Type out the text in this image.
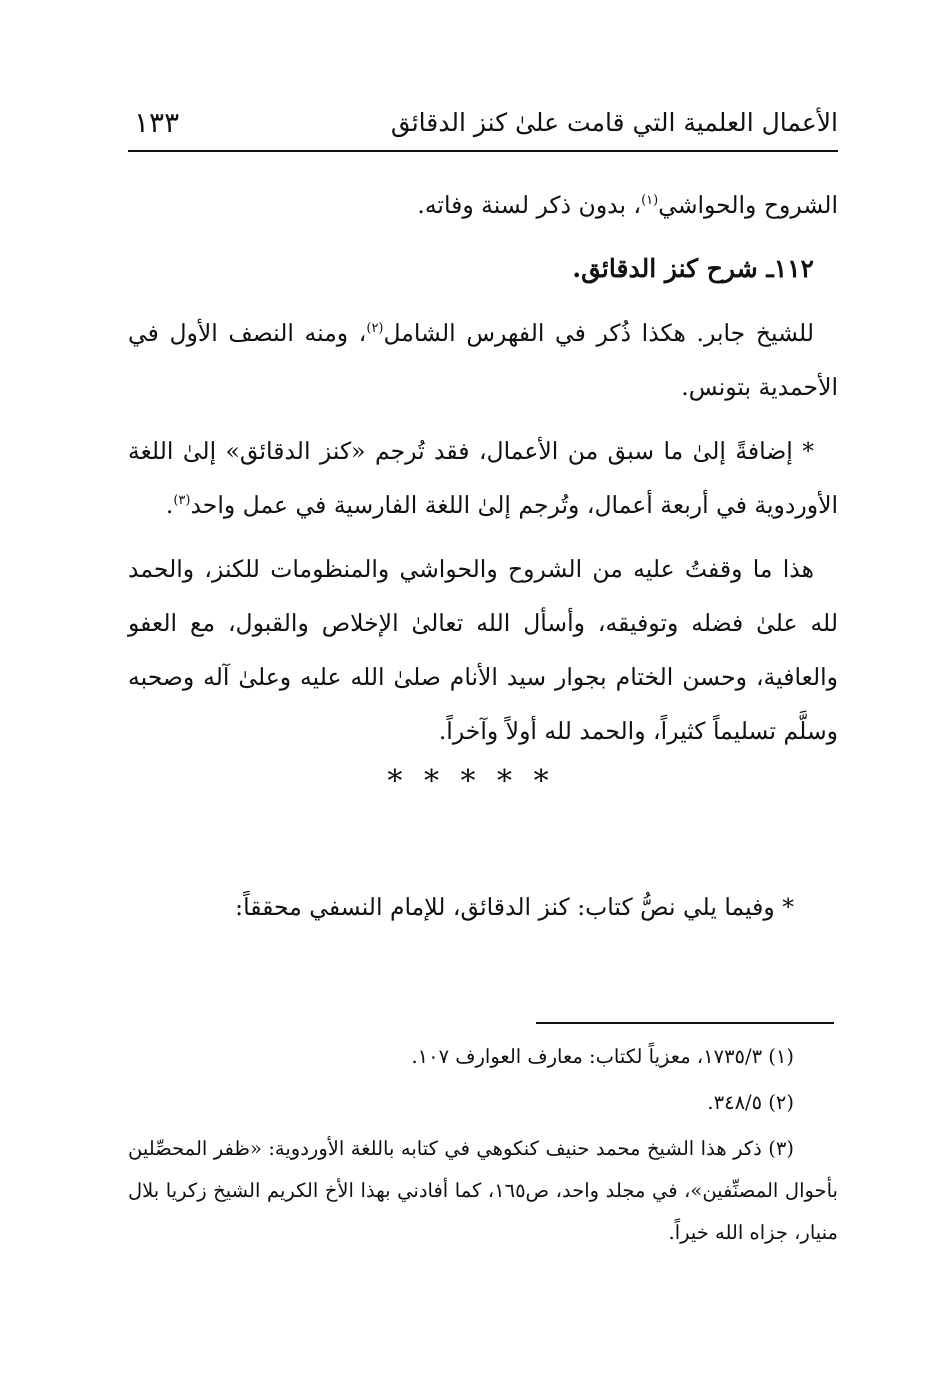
الأعمال العلمية التي قامت علىٰ كنز الدقائق
١٣٣

الشروح والحواشي$^{(١)}$، بدون ذكر لسنة وفاته.

١١٢ـ شرح كنز الدقائق.

للشيخ جابر. هكذا ذُكر في الفهرس الشامل$^{(٢)}$، ومنه النصف الأول في الأحمدية بتونس.

* إضافةً إلىٰ ما سبق من الأعمال، فقد تُرجم «كنز الدقائق» إلىٰ اللغة الأوردوية في أربعة أعمال، وتُرجم إلىٰ اللغة الفارسية في عمل واحد$^{(٣)}$.

هذا ما وقفتُ عليه من الشروح والحواشي والمنظومات للكنز، والحمد لله علىٰ فضله وتوفيقه، وأسأل الله تعالىٰ الإخلاص والقبول، مع العفو والعافية، وحسن الختام بجوار سيد الأنام صلىٰ الله عليه وعلىٰ آله وصحبه وسلَّم تسليماً كثيراً، والحمد لله أولاً وآخراً.

* * * * *
* وفيما يلي نصُّ كتاب: كنز الدقائق، للإمام النسفي محققاً:

(١) ١٧٣٥/٣، معزياً لكتاب: معارف العوارف ١٠٧.

(٢) ٣٤٨/٥.

(٣) ذكر هذا الشيخ محمد حنيف كنكوهي في كتابه باللغة الأوردوية: «ظفر المحصِّلين بأحوال المصنِّفين»، في مجلد واحد، ص١٦٥، كما أفادني بهذا الأخ الكريم الشيخ زكريا بلال منيار، جزاه الله خيراً.
